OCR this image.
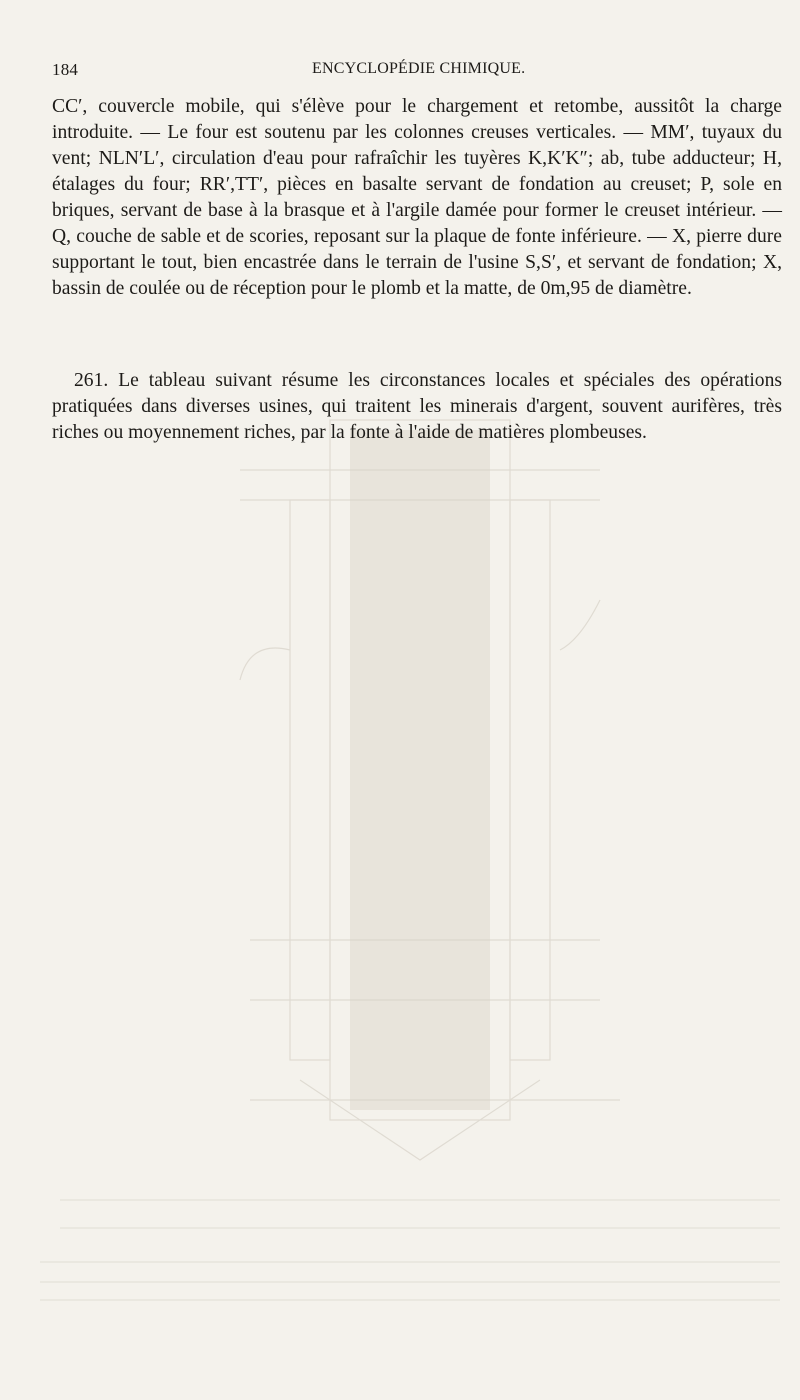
184	ENCYCLOPÉDIE CHIMIQUE.

CC′, couvercle mobile, qui s'élève pour le chargement et retombe, aussitôt la charge introduite. — Le four est soutenu par les colonnes creuses verticales. — MM′, tuyaux du vent; NLN′L′, circulation d'eau pour rafraîchir les tuyères K,K′K″; ab, tube adducteur; H, étalages du four; RR′,TT′, pièces en basalte servant de fondation au creuset; P, sole en briques, servant de base à la brasque et à l'argile damée pour former le creuset intérieur. — Q, couche de sable et de scories, reposant sur la plaque de fonte inférieure. — X, pierre dure supportant le tout, bien encastrée dans le terrain de l'usine S,S′, et servant de fondation; X, bassin de coulée ou de réception pour le plomb et la matte, de 0m,95 de diamètre.

261. Le tableau suivant résume les circonstances locales et spéciales des opérations pratiquées dans diverses usines, qui traitent les minerais d'argent, souvent aurifères, très riches ou moyennement riches, par la fonte à l'aide de matières plombeuses.
